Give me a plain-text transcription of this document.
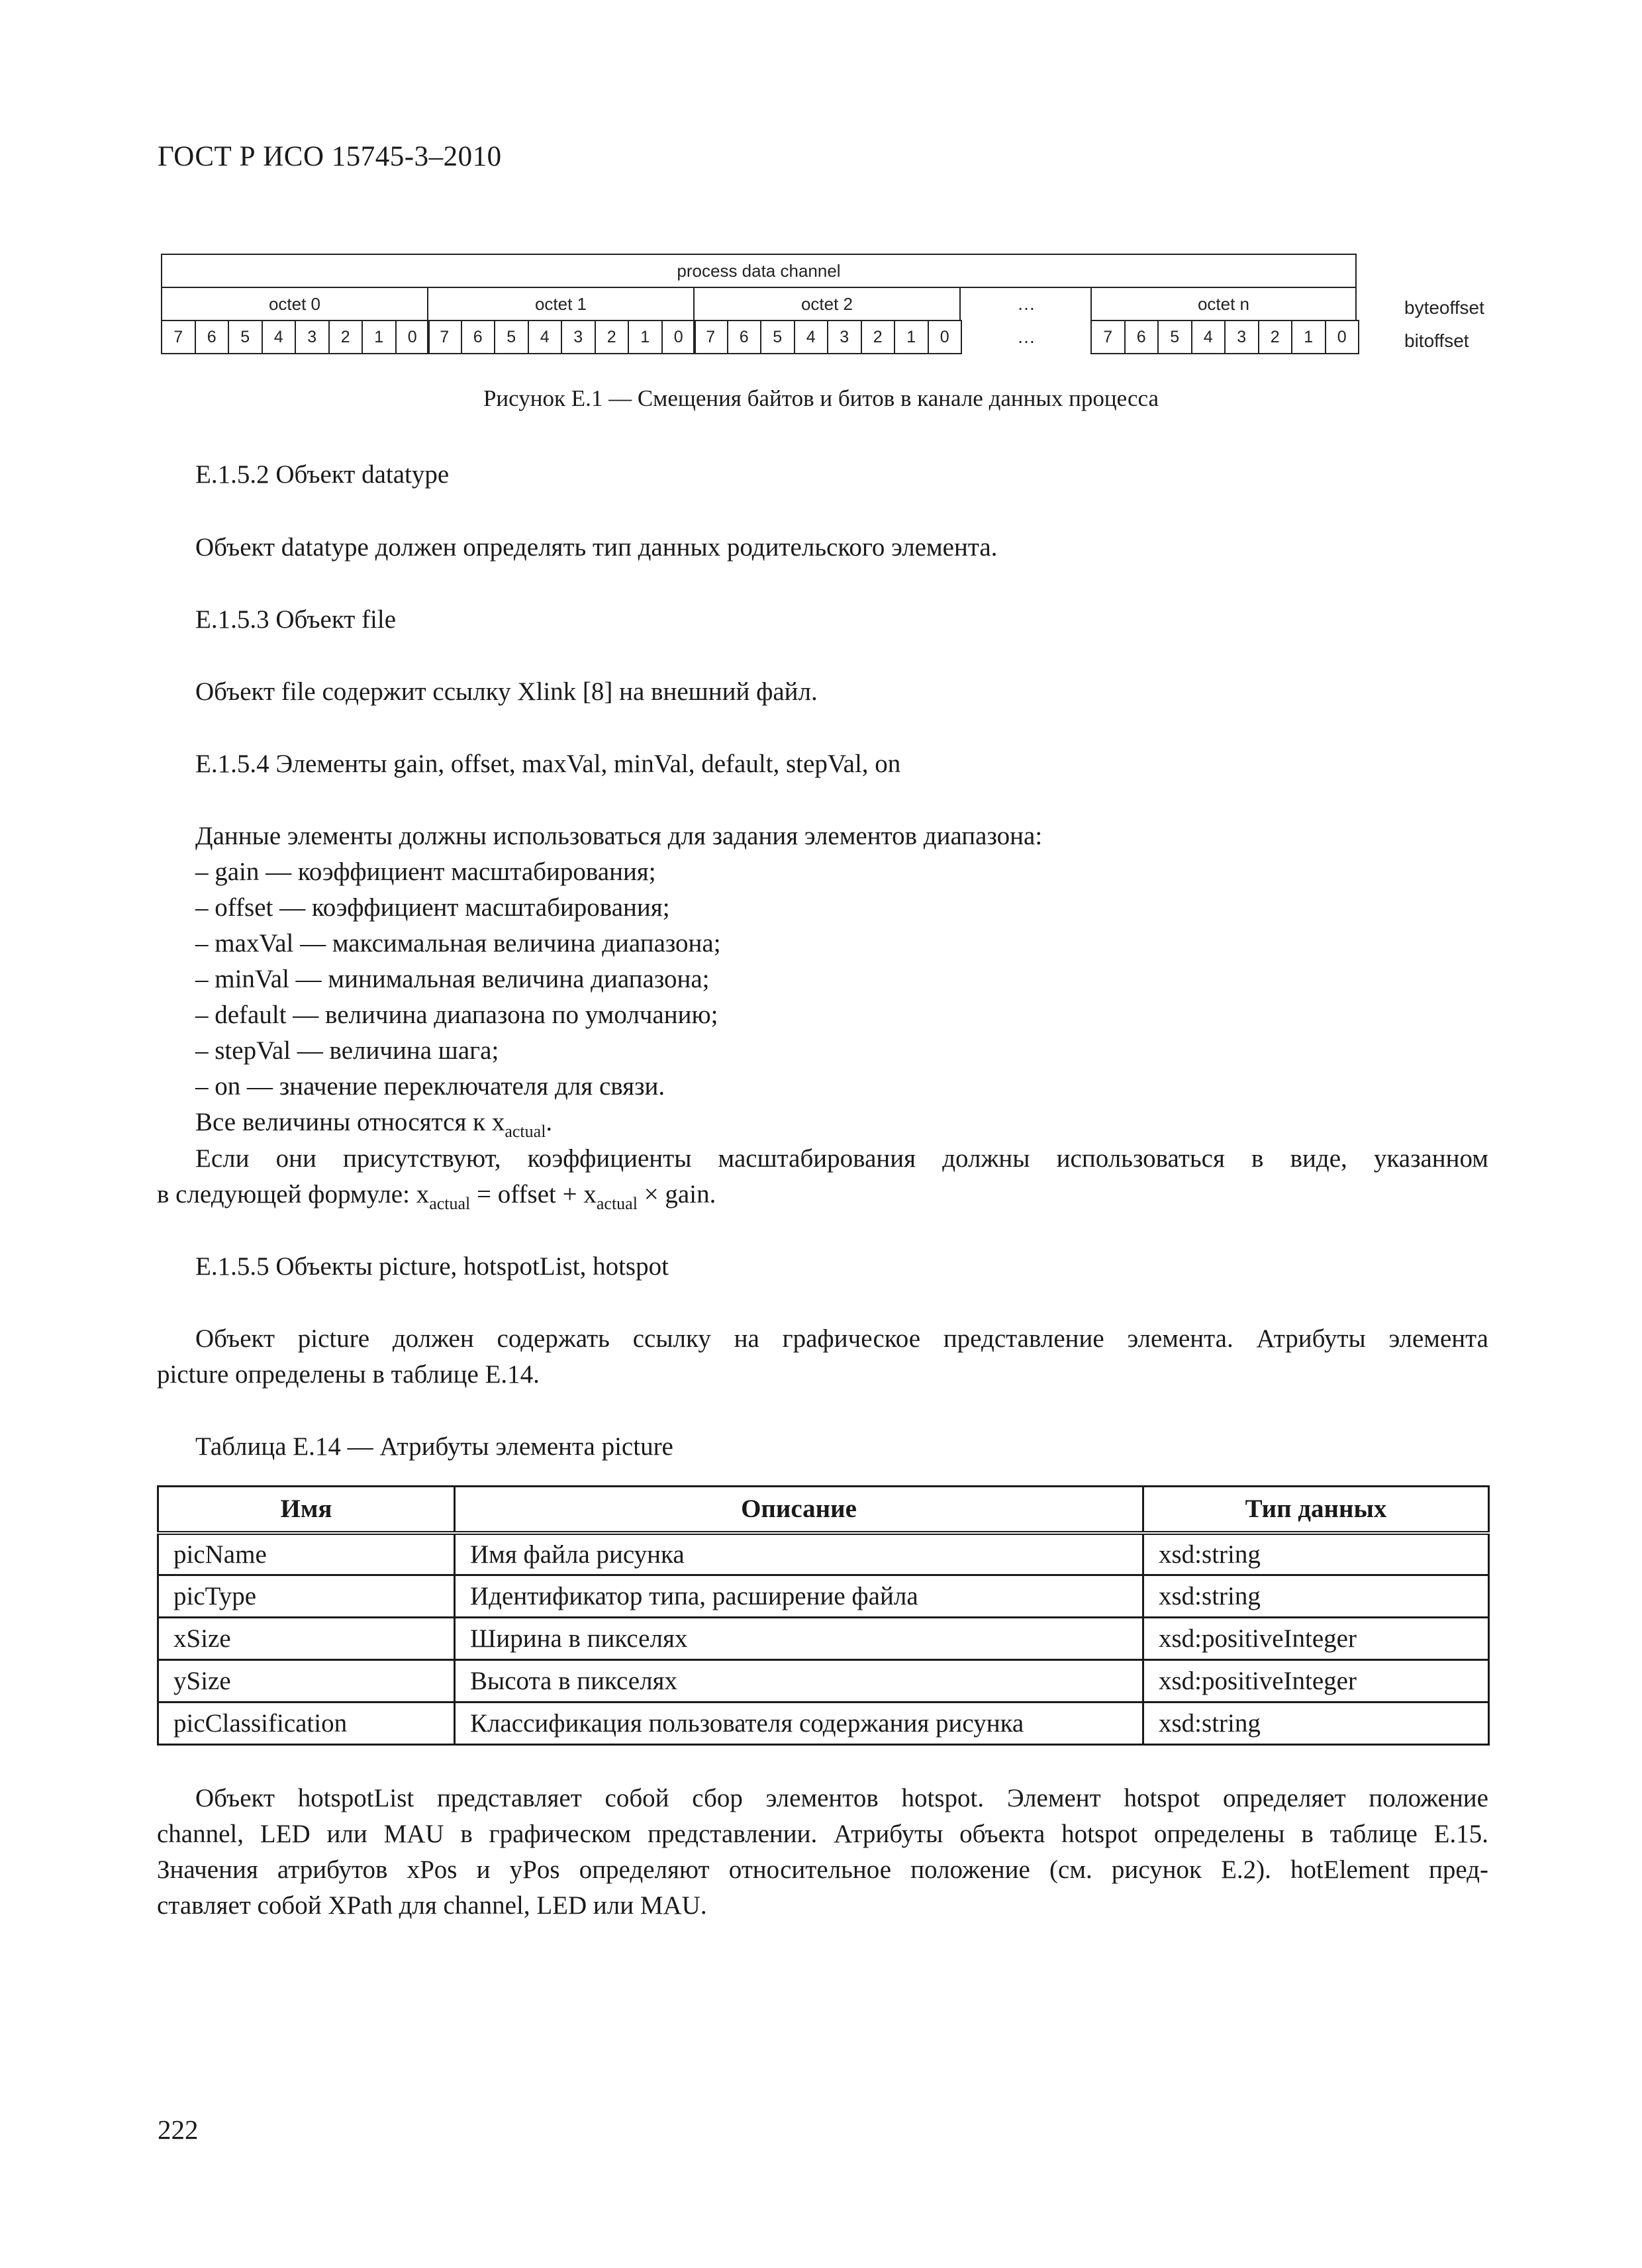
ГОСТ Р ИСО 15745-3–2010
process data channel
octet 0	octet 1	octet 2	…	octet n
7	6	5	4	3	2	1	0	7	6	5	4	3	2	1	0	7	6	5	4	3	2	1	0	7	6	5	4	3	2	1	0
…
byteoffset
bitoffset
Рисунок Е.1 — Смещения байтов и битов в канале данных процесса
E.1.5.2 Объект datatype
Объект datatype должен определять тип данных родительского элемента.
E.1.5.3 Объект file
Объект file содержит ссылку Xlink [8] на внешний файл.
E.1.5.4 Элементы gain, offset, maxVal, minVal, default, stepVal, on
Данные элементы должны использоваться для задания элементов диапазона:
– gain — коэффициент масштабирования;
– offset — коэффициент масштабирования;
– maxVal — максимальная величина диапазона;
– minVal — минимальная величина диапазона;
– default — величина диапазона по умолчанию;
– stepVal — величина шага;
– on — значение переключателя для связи.
Все величины относятся к $x_{actual}$.
Если они присутствуют, коэффициенты масштабирования должны использоваться в виде, указанном
в следующей формуле: $x_{actual}$ = offset + $x_{actual}$ × gain.
E.1.5.5 Объекты picture, hotspotList, hotspot
Объект picture должен содержать ссылку на графическое представление элемента. Атрибуты элемента
picture определены в таблице Е.14.
Таблица Е.14 — Атрибуты элемента picture
Имя	Описание	Тип данных
picName	Имя файла рисунка	xsd:string
picType	Идентификатор типа, расширение файла	xsd:string
xSize	Ширина в пикселях	xsd:positiveInteger
ySize	Высота в пикселях	xsd:positiveInteger
picClassification	Классификация пользователя содержания рисунка	xsd:string
Объект hotspotList представляет собой сбор элементов hotspot. Элемент hotspot определяет положение
channel, LED или MAU в графическом представлении. Атрибуты объекта hotspot определены в таблице Е.15.
Значения атрибутов xPos и yPos определяют относительное положение (см. рисунок Е.2). hotElement пред-
ставляет собой XPath для channel, LED или MAU.
222
